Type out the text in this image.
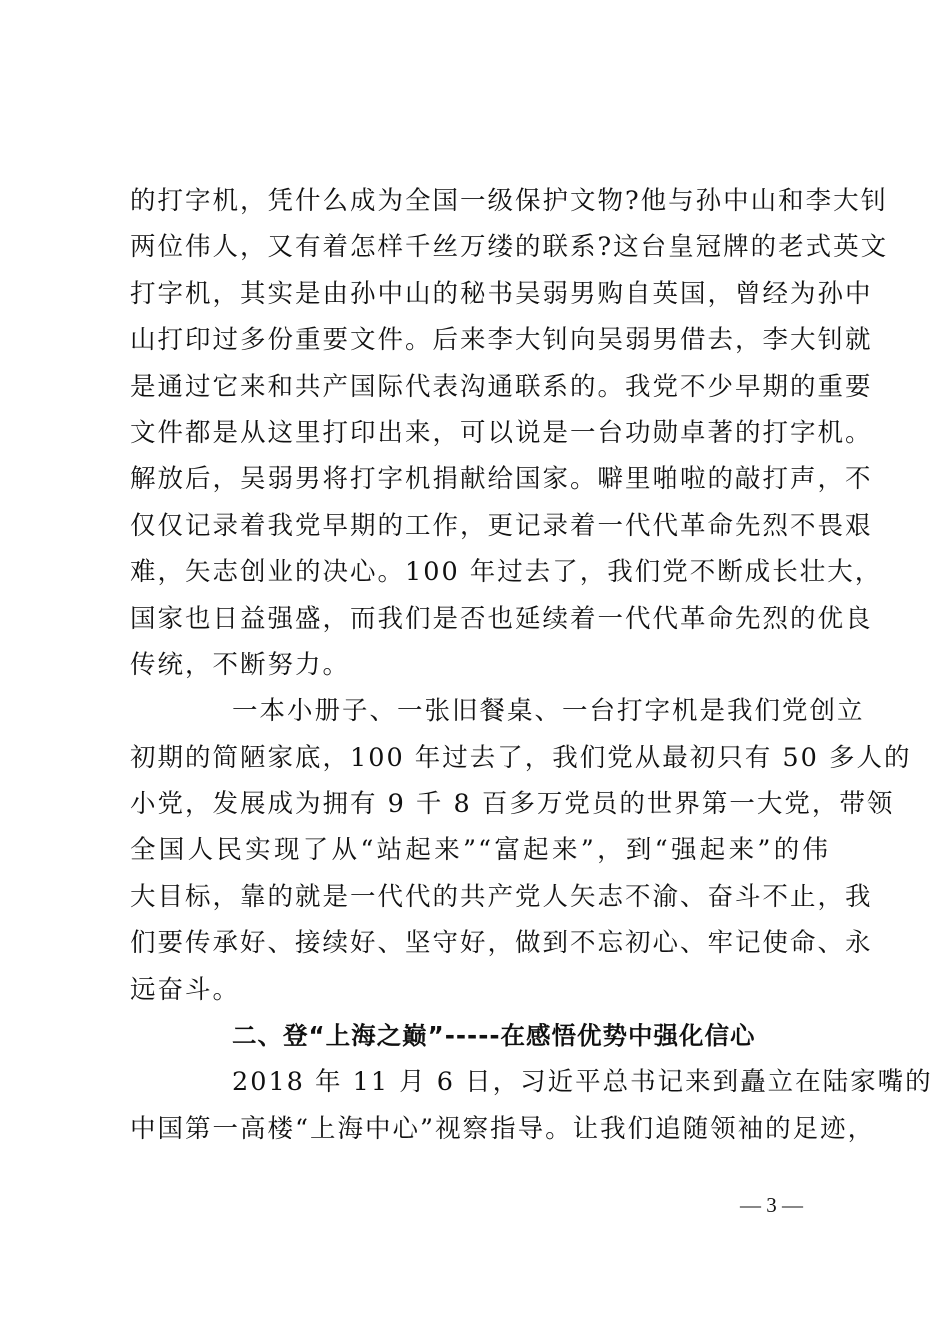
的打字机，凭什么成为全国一级保护文物?他与孙中山和李大钊
两位伟人，又有着怎样千丝万缕的联系?这台皇冠牌的老式英文
打字机，其实是由孙中山的秘书吴弱男购自英国，曾经为孙中
山打印过多份重要文件。后来李大钊向吴弱男借去，李大钊就
是通过它来和共产国际代表沟通联系的。我党不少早期的重要
文件都是从这里打印出来，可以说是一台功勋卓著的打字机。
解放后，吴弱男将打字机捐献给国家。噼里啪啦的敲打声，不
仅仅记录着我党早期的工作，更记录着一代代革命先烈不畏艰
难，矢志创业的决心。100 年过去了，我们党不断成长壮大，
国家也日益强盛，而我们是否也延续着一代代革命先烈的优良
传统，不断努力。
一本小册子、一张旧餐桌、一台打字机是我们党创立
初期的简陋家底，100 年过去了，我们党从最初只有 50 多人的
小党，发展成为拥有 9 千 8 百多万党员的世界第一大党，带领
全国人民实现了从“站起来”“富起来”，到“强起来”的伟
大目标，靠的就是一代代的共产党人矢志不渝、奋斗不止，我
们要传承好、接续好、坚守好，做到不忘初心、牢记使命、永
远奋斗。
二、登“上海之巅”-----在感悟优势中强化信心
2018 年 11 月 6 日，习近平总书记来到矗立在陆家嘴的
中国第一高楼“上海中心”视察指导。让我们追随领袖的足迹，
— 3 —
